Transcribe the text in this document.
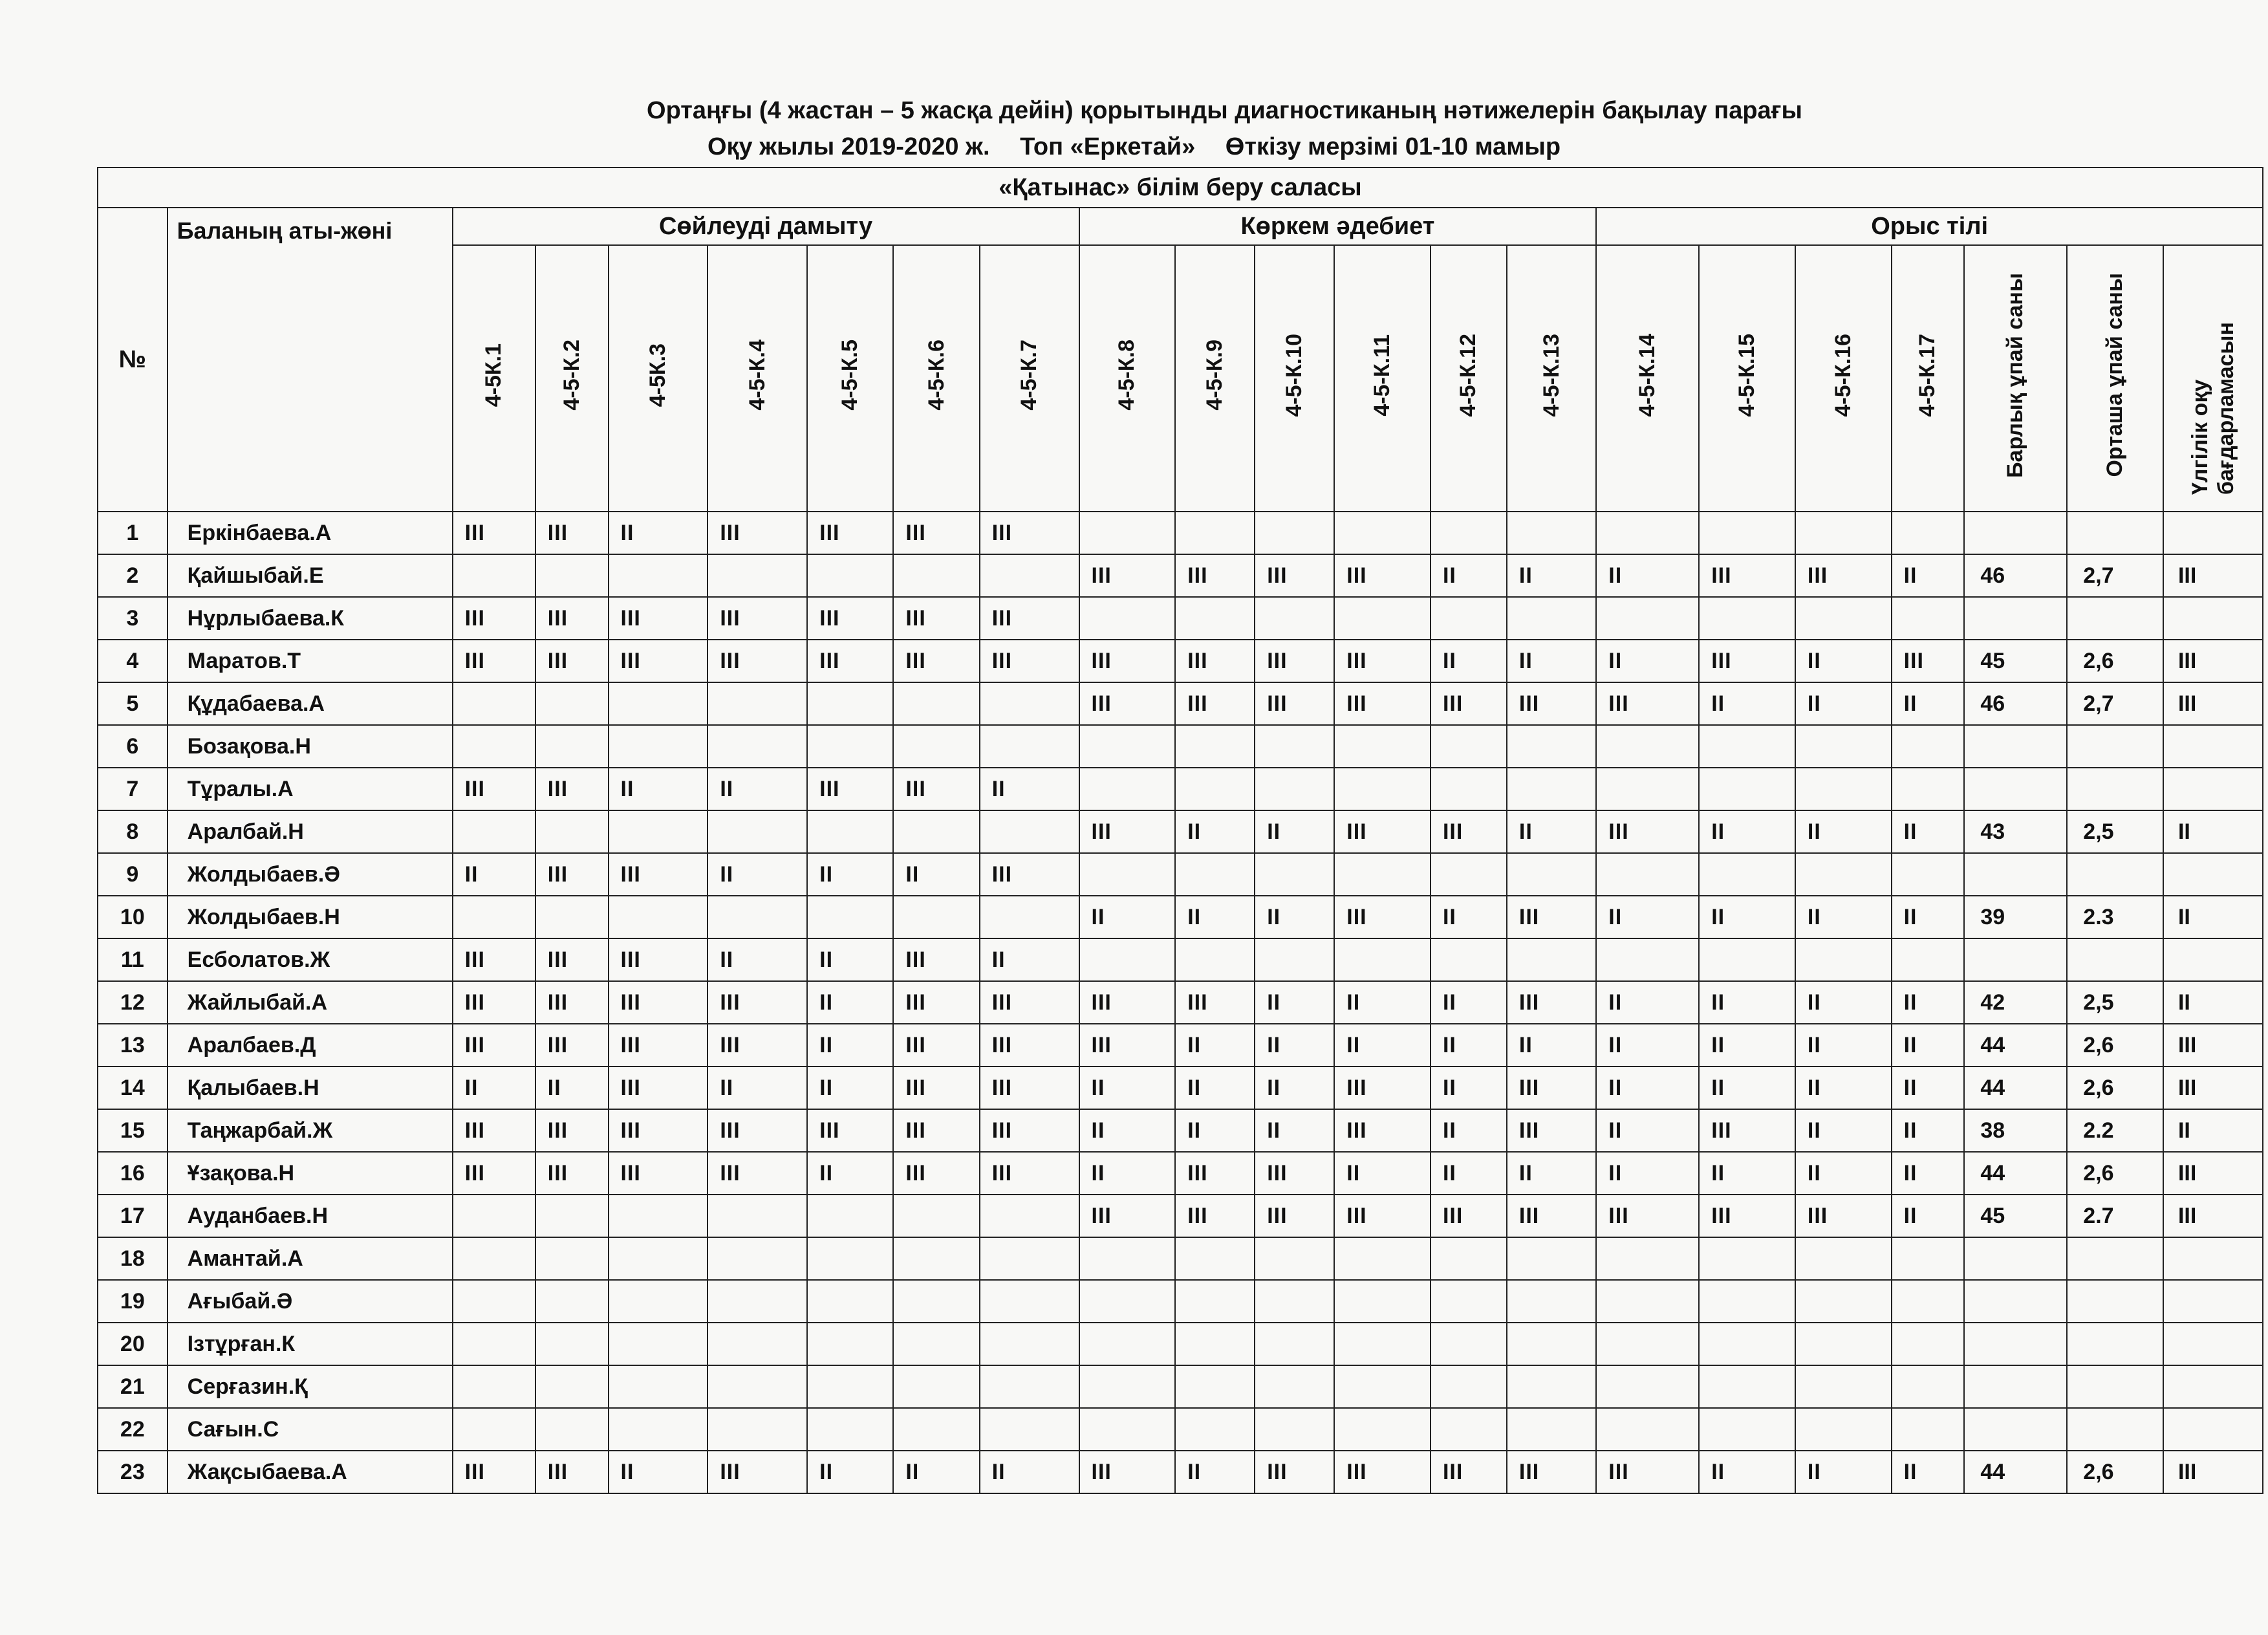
Ортаңғы (4 жастан – 5 жасқа дейін) қорытынды диагностиканың нәтижелерін бақылау парағы
Оқу жылы 2019-2020 ж. Топ «Еркетай» Өткізу мерзімі 01-10 мамыр
«Қатынас» білім беру саласы																					
№	Баланың аты-жөні	Сөйлеуді дамыту							Көркем әдебиет						Орыс тілі						
		4-5К.1	4-5-К.2	4-5К.3	4-5-К.4	4-5-К.5	4-5-К.6	4-5-К.7	4-5-К.8	4-5-К.9	4-5-К.10	4-5-К.11	4-5-К.12	4-5-К.13	4-5-К.14	4-5-К.15	4-5-К.16	4-5-К.17	Барлық ұпай саны	Орташа ұпай саны	Үлгілік оқу бағдарламасын
1	Еркінбаева.А	III	III	II	III	III	III	III													
2	Қайшыбай.Е								III	III	III	III	II	II	II	III	III	II	46	2,7	III
3	Нұрлыбаева.К	III	III	III	III	III	III	III													
4	Маратов.Т	III	III	III	III	III	III	III	III	III	III	III	II	II	II	III	II	III	45	2,6	III
5	Құдабаева.А								III	III	III	III	III	III	III	II	II	II	46	2,7	III
6	Бозақова.Н																				
7	Тұралы.А	III	III	II	II	III	III	II													
8	Аралбай.Н								III	II	II	III	III	II	III	II	II	II	43	2,5	II
9	Жолдыбаев.Ә	II	III	III	II	II	II	III													
10	Жолдыбаев.Н								II	II	II	III	II	III	II	II	II	II	39	2.3	II
11	Есболатов.Ж	III	III	III	II	II	III	II													
12	Жайлыбай.А	III	III	III	III	II	III	III	III	III	II	II	II	III	II	II	II	II	42	2,5	II
13	Аралбаев.Д	III	III	III	III	II	III	III	III	II	II	II	II	II	II	II	II	II	44	2,6	III
14	Қалыбаев.Н	II	II	III	II	II	III	III	II	II	II	III	II	III	II	II	II	II	44	2,6	III
15	Таңжарбай.Ж	III	III	III	III	III	III	III	II	II	II	III	II	III	II	III	II	II	38	2.2	II
16	Ұзақова.Н	III	III	III	III	II	III	III	II	III	III	II	II	II	II	II	II	II	44	2,6	III
17	Ауданбаев.Н								III	III	III	III	III	III	III	III	III	II	45	2.7	III
18	Амантай.А																				
19	Ағыбай.Ә																				
20	Ізтұрған.К																				
21	Серғазин.Қ																				
22	Сағын.С																				
23	Жақсыбаева.А	III	III	II	III	II	II	II	III	II	III	III	III	III	III	II	II	II	44	2,6	III
